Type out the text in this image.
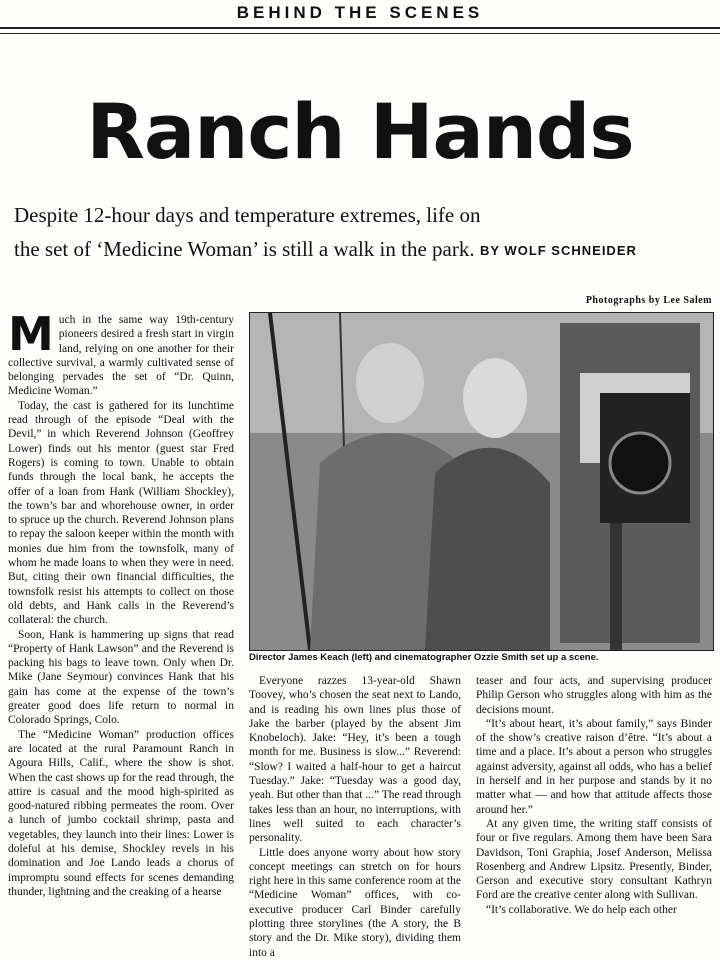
BEHIND THE SCENES
Ranch Hands
Despite 12-hour days and temperature extremes, life on the set of ‘Medicine Woman’ is still a walk in the park. BY WOLF SCHNEIDER
Photographs by Lee Salem
M uch in the same way 19th-century pioneers desired a fresh start in virgin land, relying on one another for their collective survival, a warmly cultivated sense of belonging pervades the set of “Dr. Quinn, Medicine Woman.”

Today, the cast is gathered for its lunchtime read through of the episode “Deal with the Devil,” in which Reverend Johnson (Geoffrey Lower) finds out his mentor (guest star Fred Rogers) is coming to town. Unable to obtain funds through the local bank, he accepts the offer of a loan from Hank (William Shockley), the town’s bar and whorehouse owner, in order to spruce up the church. Reverend Johnson plans to repay the saloon keeper within the month with monies due him from the townsfolk, many of whom he made loans to when they were in need. But, citing their own financial difficulties, the townsfolk resist his attempts to collect on those old debts, and Hank calls in the Reverend’s collateral: the church.

Soon, Hank is hammering up signs that read “Property of Hank Lawson” and the Reverend is packing his bags to leave town. Only when Dr. Mike (Jane Seymour) convinces Hank that his gain has come at the expense of the town’s greater good does life return to normal in Colorado Springs, Colo.

The “Medicine Woman” production offices are located at the rural Paramount Ranch in Agoura Hills, Calif., where the show is shot. When the cast shows up for the read through, the attire is casual and the mood high-spirited as good-natured ribbing permeates the room. Over a lunch of jumbo cocktail shrimp, pasta and vegetables, they launch into their lines: Lower is doleful at his demise, Shockley revels in his domination and Joe Lando leads a chorus of impromptu sound effects for scenes demanding thunder, lightning and the creaking of a hearse

Director James Keach (left) and cinematographer Ozzie Smith set up a scene.

Everyone razzes 13-year-old Shawn Toovey, who’s chosen the seat next to Lando, and is reading his own lines plus those of Jake the barber (played by the absent Jim Knobeloch). Jake: “Hey, it’s been a tough month for me. Business is slow...” Reverend: “Slow? I waited a half-hour to get a haircut Tuesday.” Jake: “Tuesday was a good day, yeah. But other than that ...” The read through takes less than an hour, no interruptions, with lines well suited to each character’s personality.

Little does anyone worry about how story concept meetings can stretch on for hours right here in this same conference room at the “Medicine Woman” offices, with co-executive producer Carl Binder carefully plotting three storylines (the A story, the B story and the Dr. Mike story), dividing them into a

teaser and four acts, and supervising producer Philip Gerson who struggles along with him as the decisions mount.

“It’s about heart, it’s about family,” says Binder of the show’s creative raison d’être. “It’s about a time and a place. It’s about a person who struggles against adversity, against all odds, who has a belief in herself and in her purpose and stands by it no matter what — and how that attitude affects those around her.”

At any given time, the writing staff consists of four or five regulars. Among them have been Sara Davidson, Toni Graphia, Josef Anderson, Melissa Rosenberg and Andrew Lipsitz. Presently, Binder, Gerson and executive story consultant Kathryn Ford are the creative center along with Sullivan.

“It’s collaborative. We do help each other
